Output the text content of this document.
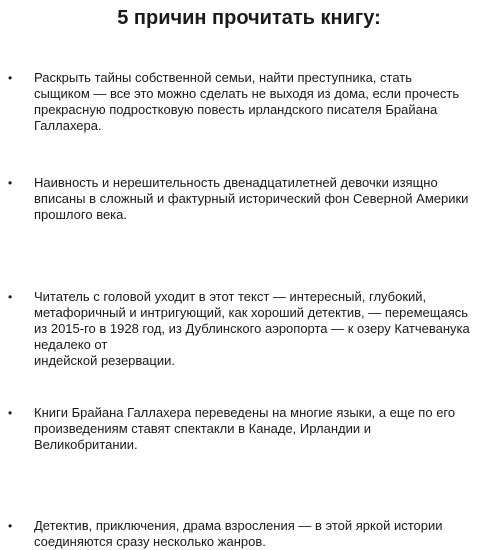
5 причин прочитать книгу:
• Раскрыть тайны собственной семьи, найти преступника, стать
сыщиком — все это можно сделать не выходя из дома, если прочесть
прекрасную подростковую повесть ирландского писателя Брайана
Галлахера.
• Наивность и нерешительность двенадцатилетней девочки изящно
вписаны в сложный и фактурный исторический фон Северной Америки
прошлого века.
• Читатель с головой уходит в этот текст — интересный, глубокий,
метафоричный и интригующий, как хороший детектив, — перемещаясь
из 2015-го в 1928 год, из Дублинского аэропорта — к озеру Катчеванука
недалеко от
индейской резервации.
• Книги Брайана Галлахера переведены на многие языки, а еще по его
произведениям ставят спектакли в Канаде, Ирландии и
Великобритании.
• Детектив, приключения, драма взросления — в этой яркой истории
соединяются сразу несколько жанров.
